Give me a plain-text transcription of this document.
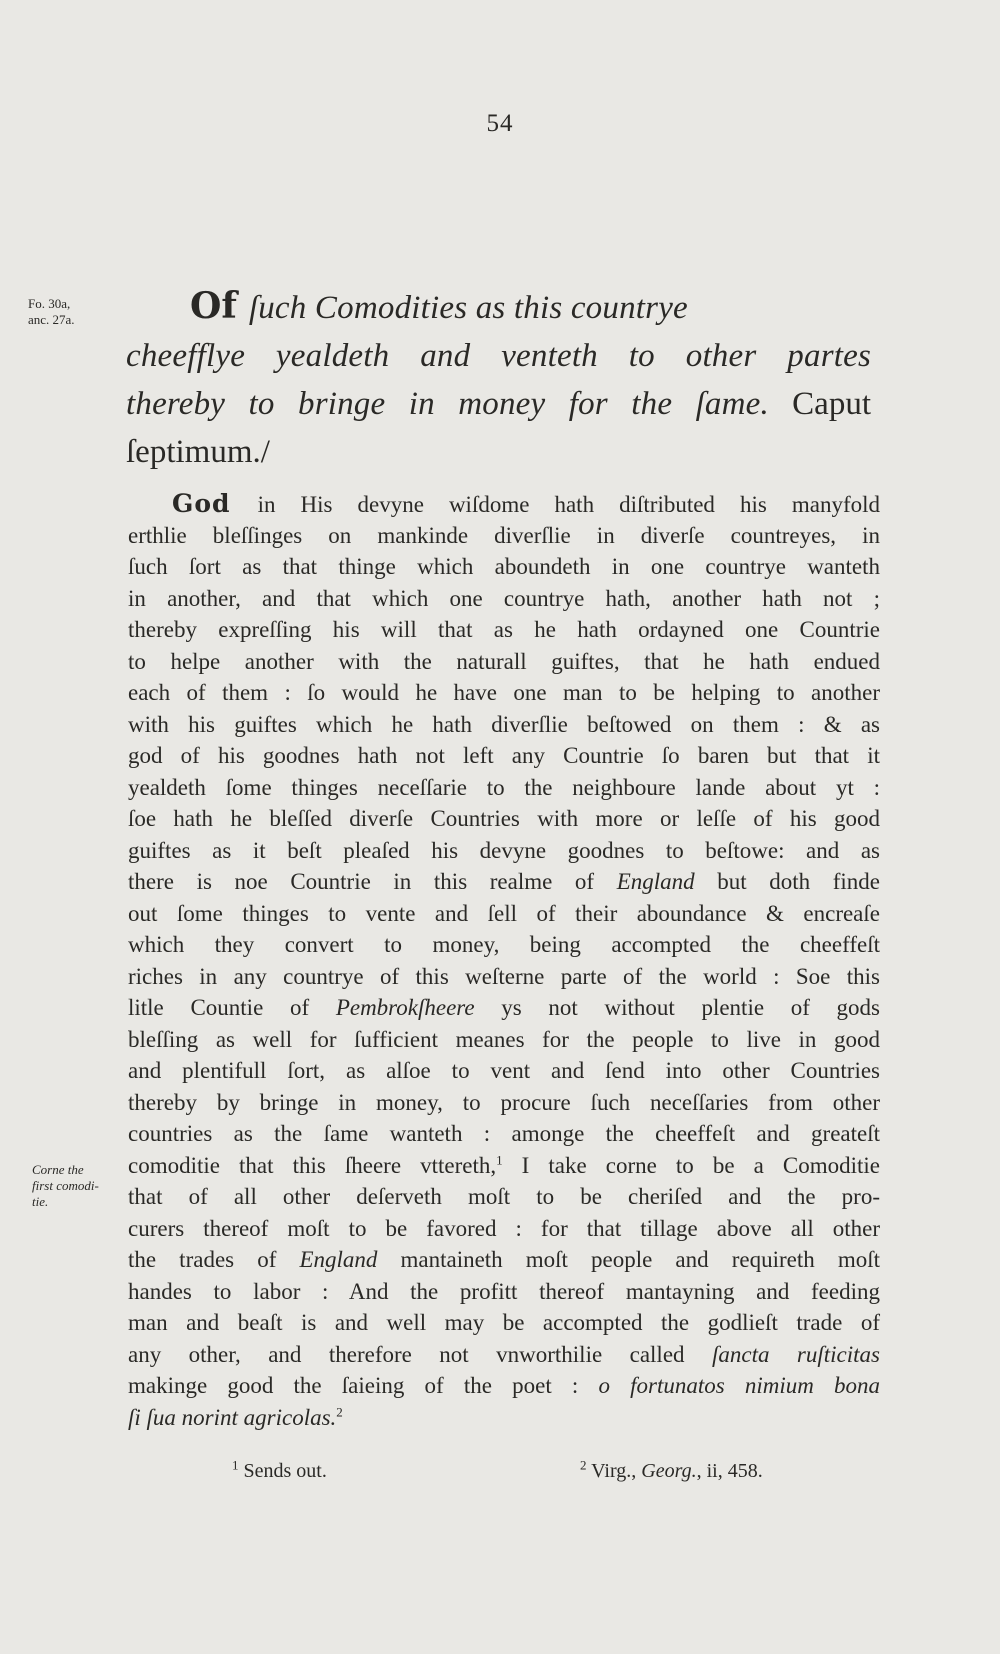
54
Fo. 30a,
anc. 27a.	Of ſuch Comodities as this countrye
cheefflye yealdeth and venteth to other partes
thereby to bringe in money for the ſame. Caput
ſeptimum./
God in His devyne wiſdome hath diſtributed his manyfold
erthlie bleſſinges on mankinde diverſlie in diverſe countreyes, in
ſuch ſort as that thinge which aboundeth in one countrye wanteth
in another, and that which one countrye hath, another hath not ;
thereby expreſſing his will that as he hath ordayned one Countrie
to helpe another with the naturall guiftes, that he hath endued
each of them : ſo would he have one man to be helping to another
with his guiftes which he hath diverſlie beſtowed on them : & as
god of his goodnes hath not left any Countrie ſo baren but that it
yealdeth ſome thinges neceſſarie to the neighboure lande about yt :
ſoe hath he bleſſed diverſe Countries with more or leſſe of his good
guiftes as it beſt pleaſed his devyne goodnes to beſtowe: and as
there is noe Countrie in this realme of England but doth finde
out ſome thinges to vente and ſell of their aboundance & encreaſe
which they convert to money, being accompted the cheeffeſt
riches in any countrye of this weſterne parte of the world : Soe this
litle Countie of Pembrokſheere ys not without plentie of gods
bleſſing as well for ſufficient meanes for the people to live in good
and plentifull ſort, as alſoe to vent and ſend into other Countries
thereby by bringe in money, to procure ſuch neceſſaries from other
countries as the ſame wanteth : amonge the cheeffeſt and greateſt
comoditie that this ſheere vttereth,$^1$ I take corne to be a Comoditie
that of all other deſerveth moſt to be cheriſed and the pro-
curers thereof moſt to be favored : for that tillage above all other
the trades of England mantaineth moſt people and requireth moſt
handes to labor : And the profitt thereof mantayning and feeding
man and beaſt is and well may be accompted the godlieſt trade of
any other, and therefore not vnworthilie called ſancta ruſticitas
makinge good the ſaieing of the poet : o fortunatos nimium bona
ſi ſua norint agricolas.$^2$
Corne the
first comodi-
tie.
$^1$ Sends out.	$^2$ Virg., Georg., ii, 458.
